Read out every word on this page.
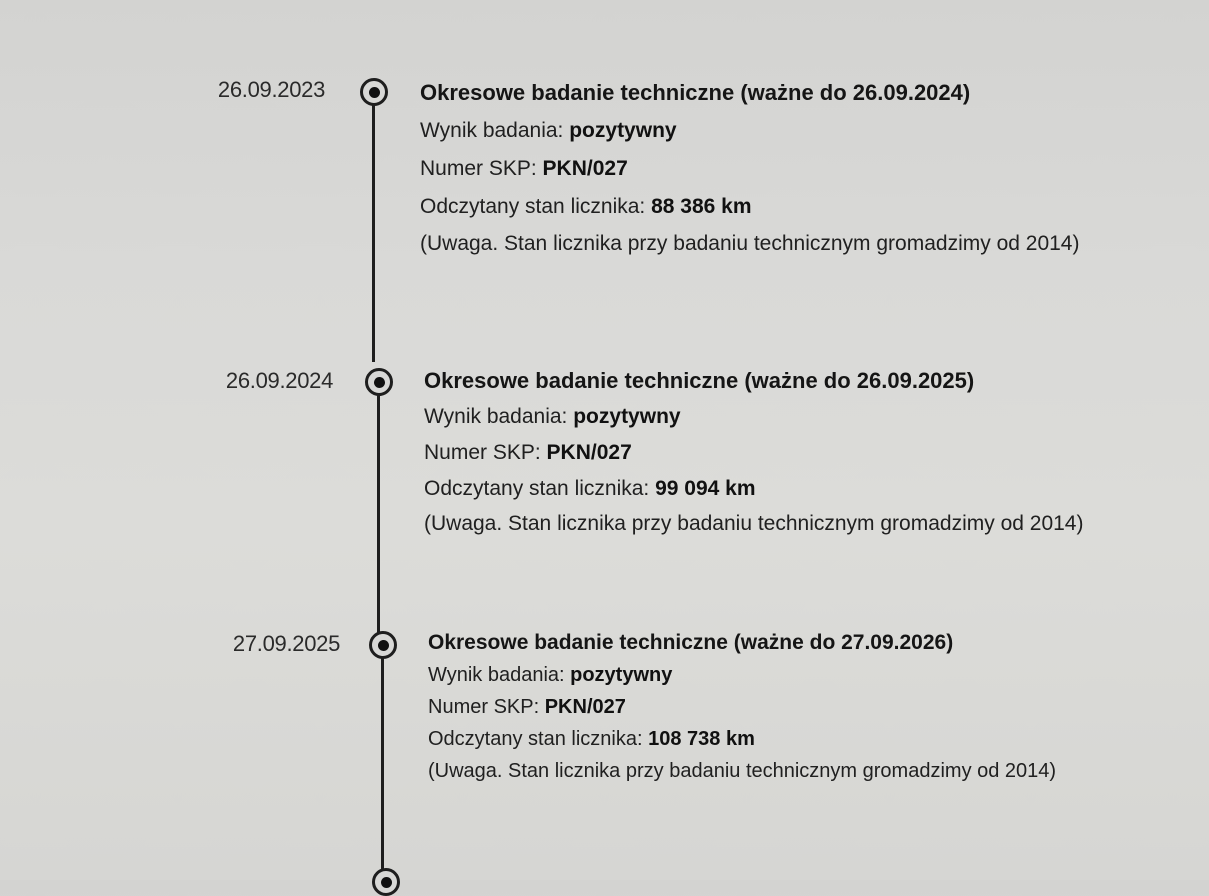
26.09.2023	Okresowe badanie techniczne (ważne do 26.09.2024)
Wynik badania: pozytywny
Numer SKP: PKN/027
Odczytany stan licznika: 88 386 km
(Uwaga. Stan licznika przy badaniu technicznym gromadzimy od 2014)
26.09.2024	Okresowe badanie techniczne (ważne do 26.09.2025)
Wynik badania: pozytywny
Numer SKP: PKN/027
Odczytany stan licznika: 99 094 km
(Uwaga. Stan licznika przy badaniu technicznym gromadzimy od 2014)
27.09.2025	Okresowe badanie techniczne (ważne do 27.09.2026)
Wynik badania: pozytywny
Numer SKP: PKN/027
Odczytany stan licznika: 108 738 km
(Uwaga. Stan licznika przy badaniu technicznym gromadzimy od 2014)
